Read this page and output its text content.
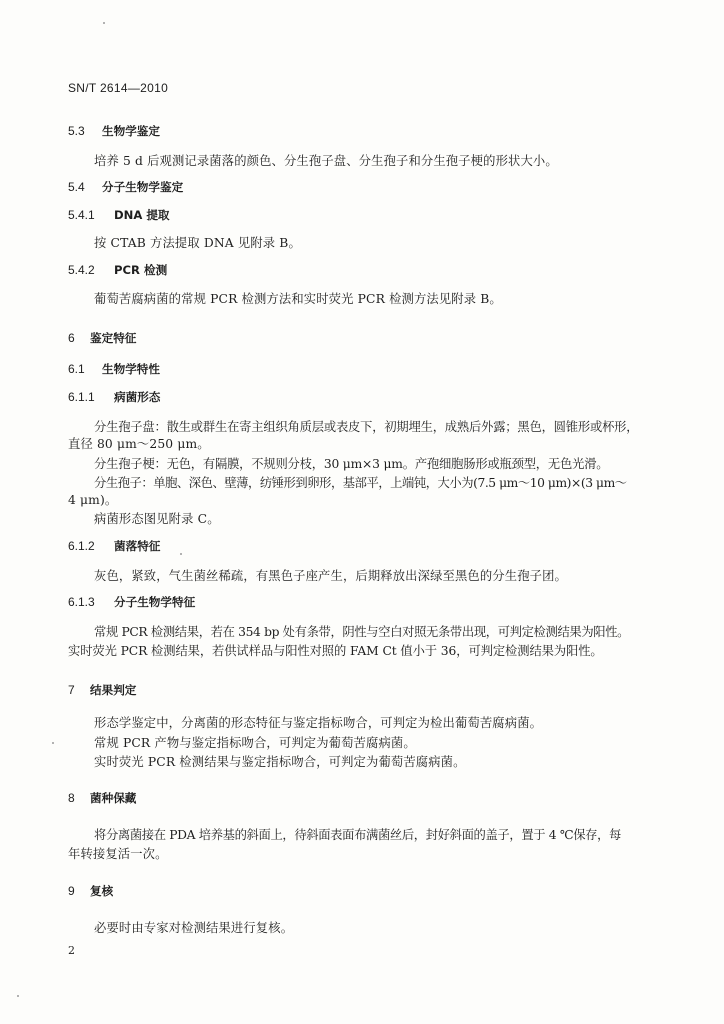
SN/T 2614—2010
5.3 生物学鉴定
培养 5 d 后观测记录菌落的颜色、分生孢子盘、分生孢子和分生孢子梗的形状大小。
5.4 分子生物学鉴定
5.4.1 DNA 提取
按 CTAB 方法提取 DNA 见附录 B。
5.4.2 PCR 检测
葡萄苦腐病菌的常规 PCR 检测方法和实时荧光 PCR 检测方法见附录 B。
6 鉴定特征
6.1 生物学特性
6.1.1 病菌形态
分生孢子盘：散生或群生在寄主组织角质层或表皮下，初期埋生，成熟后外露；黑色，圆锥形或杯形，
直径 80 μm～250 μm。
分生孢子梗：无色，有隔膜，不规则分枝，30 μm×3 μm。产孢细胞肠形或瓶颈型，无色光滑。
分生孢子：单胞、深色、壁薄，纺锤形到卵形，基部平，上端钝，大小为(7.5 μm～10 μm)×(3 μm～
4 μm)。
病菌形态图见附录 C。
6.1.2 菌落特征
灰色，紧致，气生菌丝稀疏，有黑色子座产生，后期释放出深绿至黑色的分生孢子团。
6.1.3 分子生物学特征
常规 PCR 检测结果，若在 354 bp 处有条带，阴性与空白对照无条带出现，可判定检测结果为阳性。
实时荧光 PCR 检测结果，若供试样品与阳性对照的 FAM Ct 值小于 36，可判定检测结果为阳性。
7 结果判定
形态学鉴定中，分离菌的形态特征与鉴定指标吻合，可判定为检出葡萄苦腐病菌。
常规 PCR 产物与鉴定指标吻合，可判定为葡萄苦腐病菌。
实时荧光 PCR 检测结果与鉴定指标吻合，可判定为葡萄苦腐病菌。
8 菌种保藏
将分离菌接在 PDA 培养基的斜面上，待斜面表面布满菌丝后，封好斜面的盖子，置于 4 ℃保存，每
年转接复活一次。
9 复核
必要时由专家对检测结果进行复核。
2
